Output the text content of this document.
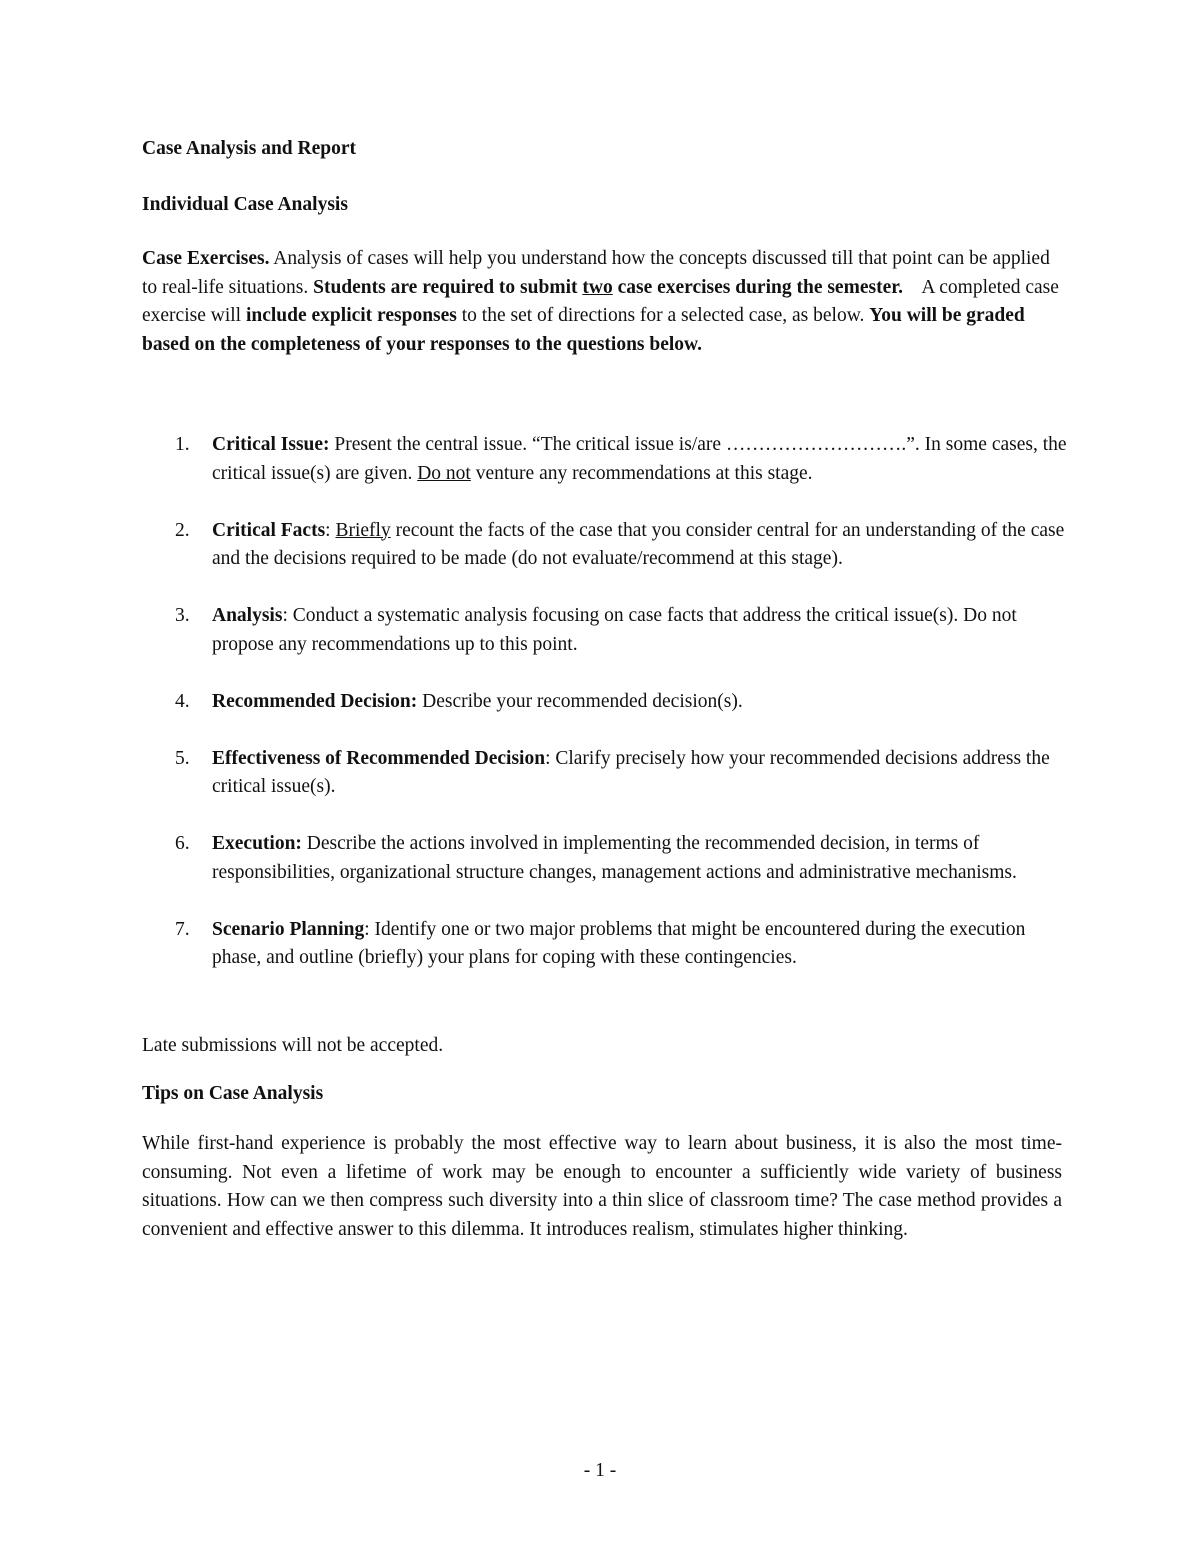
Case Analysis and Report
Individual Case Analysis
Case Exercises. Analysis of cases will help you understand how the concepts discussed till that point can be applied to real-life situations. Students are required to submit two case exercises during the semester.    A completed case exercise will include explicit responses to the set of directions for a selected case, as below. You will be graded based on the completeness of your responses to the questions below.
1. Critical Issue: Present the central issue. “The critical issue is/are ……………………….”. In some cases, the critical issue(s) are given. Do not venture any recommendations at this stage.
2. Critical Facts: Briefly recount the facts of the case that you consider central for an understanding of the case and the decisions required to be made (do not evaluate/recommend at this stage).
3. Analysis: Conduct a systematic analysis focusing on case facts that address the critical issue(s). Do not propose any recommendations up to this point.
4. Recommended Decision: Describe your recommended decision(s).
5. Effectiveness of Recommended Decision: Clarify precisely how your recommended decisions address the critical issue(s).
6. Execution: Describe the actions involved in implementing the recommended decision, in terms of responsibilities, organizational structure changes, management actions and administrative mechanisms.
7. Scenario Planning: Identify one or two major problems that might be encountered during the execution phase, and outline (briefly) your plans for coping with these contingencies.
Late submissions will not be accepted.
Tips on Case Analysis
While first-hand experience is probably the most effective way to learn about business, it is also the most time-consuming. Not even a lifetime of work may be enough to encounter a sufficiently wide variety of business situations. How can we then compress such diversity into a thin slice of classroom time? The case method provides a convenient and effective answer to this dilemma. It introduces realism, stimulates higher thinking.
- 1 -
